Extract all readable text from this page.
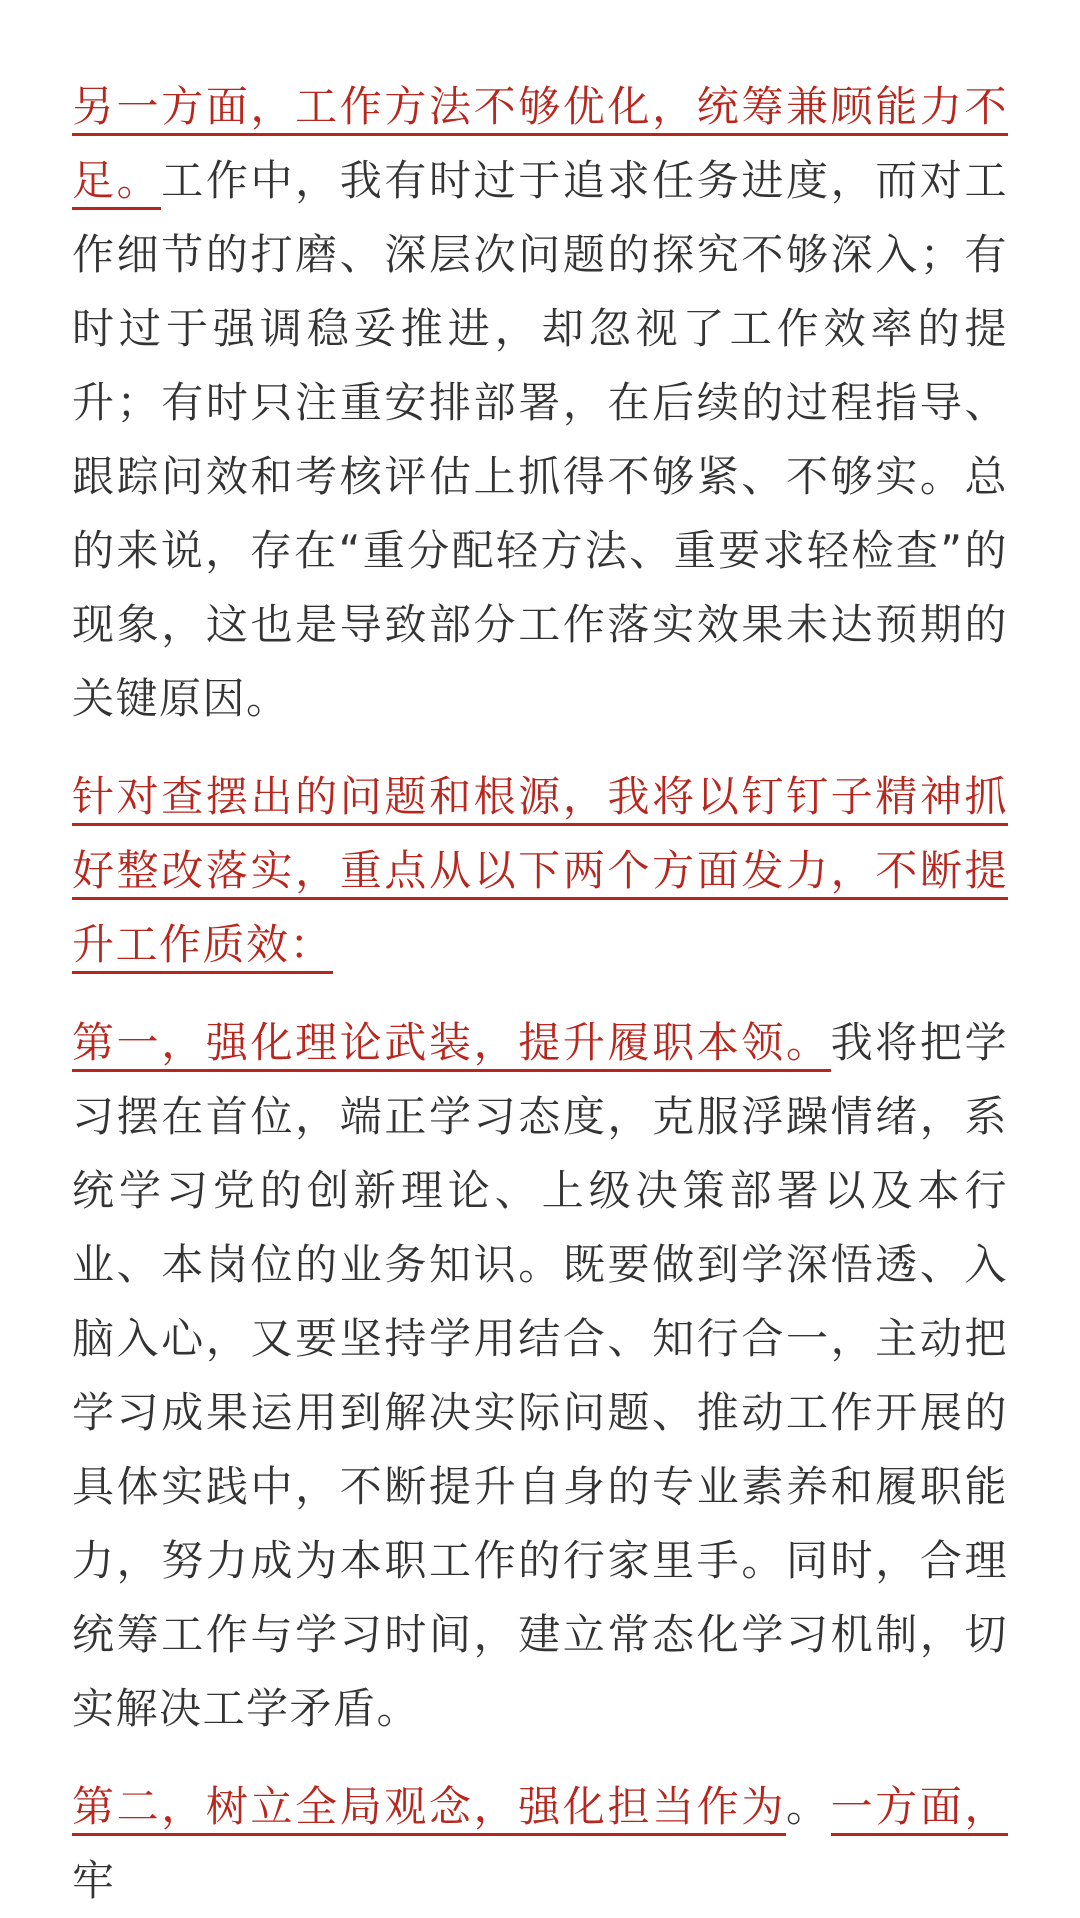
另一方面，工作方法不够优化，统筹兼顾能力不足。工作中，我有时过于追求任务进度，而对工作细节的打磨、深层次问题的探究不够深入；有时过于强调稳妥推进，却忽视了工作效率的提升；有时只注重安排部署，在后续的过程指导、跟踪问效和考核评估上抓得不够紧、不够实。总的来说，存在“重分配轻方法、重要求轻检查”的现象，这也是导致部分工作落实效果未达预期的关键原因。

针对查摆出的问题和根源，我将以钉钉子精神抓好整改落实，重点从以下两个方面发力，不断提升工作质效：

第一，强化理论武装，提升履职本领。我将把学习摆在首位，端正学习态度，克服浮躁情绪，系统学习党的创新理论、上级决策部署以及本行业、本岗位的业务知识。既要做到学深悟透、入脑入心，又要坚持学用结合、知行合一，主动把学习成果运用到解决实际问题、推动工作开展的具体实践中，不断提升自身的专业素养和履职能力，努力成为本职工作的行家里手。同时，合理统筹工作与学习时间，建立常态化学习机制，切实解决工学矛盾。

第二，树立全局观念，强化担当作为。一方面，牢
